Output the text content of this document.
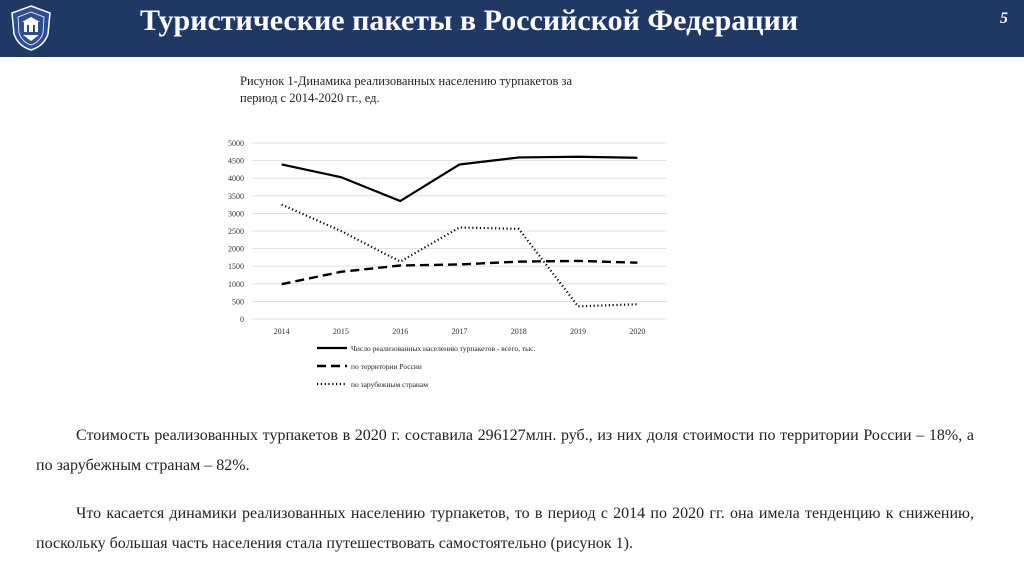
Туристические пакеты в Российской Федерации	5
Рисунок 1-Динамика реализованных населению турпакетов за
период с 2014-2020 гг., ед.
0
500
1000
1500
2000
2500
3000
3500
4000
4500
5000
2014	2015	2016	2017	2018	2019	2020
Число реализованных населению турпакетов - всего, тыс.
по территории России
по зарубежным странам
Стоимость реализованных турпакетов в 2020 г. составила 296127млн. руб., из них доля стоимости по территории России – 18%, а по зарубежным странам – 82%.
Что касается динамики реализованных населению турпакетов, то в период с 2014 по 2020 гг. она имела тенденцию к снижению, поскольку большая часть населения стала путешествовать самостоятельно (рисунок 1).
